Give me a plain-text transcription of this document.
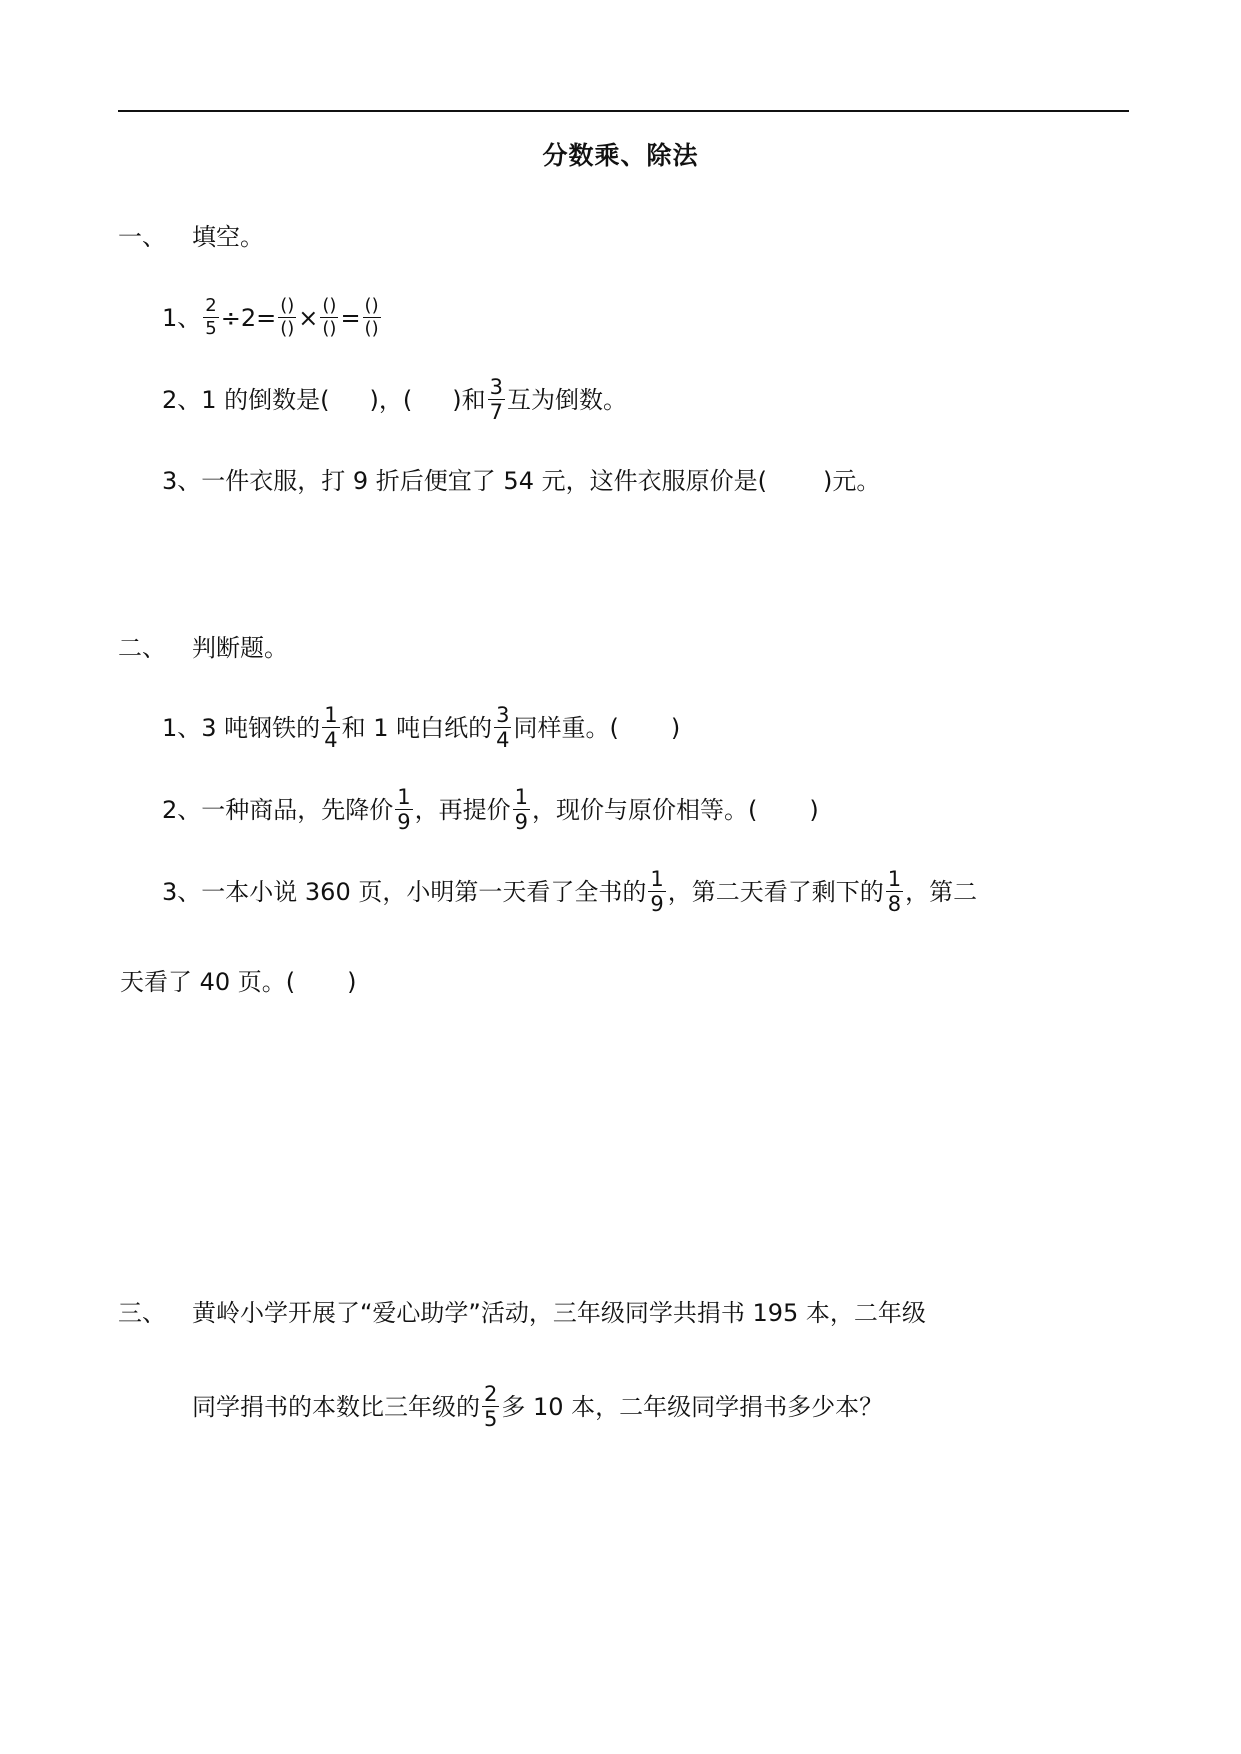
分数乘、除法
一、 填空。
1、 $\frac{2}{5} \div 2= \frac{()}{()} \times \frac{()}{()} = \frac{()}{()}$
2、1 的倒数是( )，( )和 $\frac{3}{7}$ 互为倒数。
3、一件衣服，打 9 折后便宜了 54 元，这件衣服原价是( )元。
二、 判断题。
1、3 吨钢铁的 $\frac{1}{4}$ 和 1 吨白纸的 $\frac{3}{4}$ 同样重。( )
2、一种商品，先降价 $\frac{1}{9}$ ，再提价 $\frac{1}{9}$ ，现价与原价相等。( )
3、一本小说 360 页，小明第一天看了全书的 $\frac{1}{9}$ ，第二天看了剩下的 $\frac{1}{8}$ ，第二
天看了 40 页。( )
三、 黄岭小学开展了“爱心助学”活动，三年级同学共捐书 195 本，二年级
同学捐书的本数比三年级的 $\frac{2}{5}$ 多 10 本，二年级同学捐书多少本？
